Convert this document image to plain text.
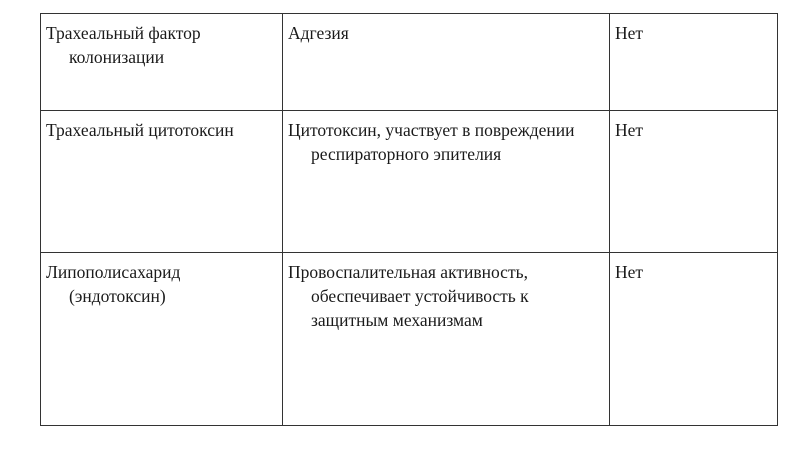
Трахеальный фактор колонизации	Адгезия	Нет

Трахеальный цитотоксин	Цитотоксин, участвует в повреждении респираторного эпителия	Нет

Липополисахарид (эндотоксин)	Провоспалительная активность, обеспечивает устойчивость к защитным механизмам	Нет
